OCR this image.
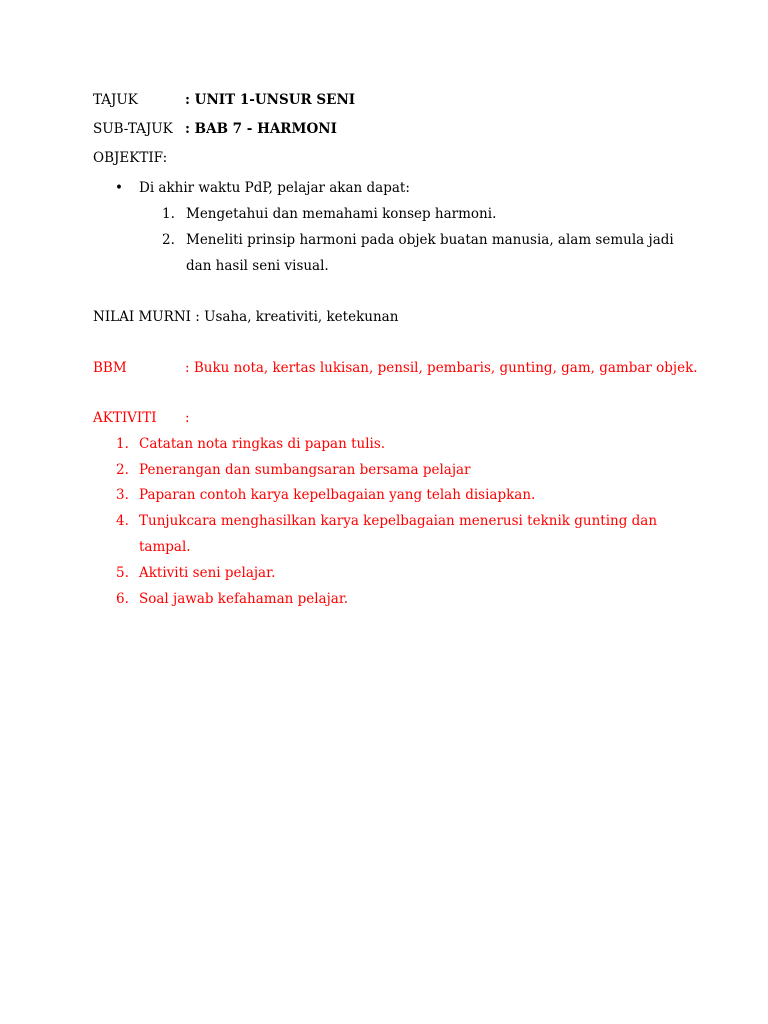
TAJUK	: UNIT 1-UNSUR SENI
SUB-TAJUK : BAB 7 - HARMONI
OBJEKTIF:
• Di akhir waktu PdP, pelajar akan dapat:
1. Mengetahui dan memahami konsep harmoni.
2. Meneliti prinsip harmoni pada objek buatan manusia, alam semula jadi
dan hasil seni visual.
NILAI MURNI : Usaha, kreativiti, ketekunan
BBM	: Buku nota, kertas lukisan, pensil, pembaris, gunting, gam, gambar objek.
AKTIVITI :
1. Catatan nota ringkas di papan tulis.
2. Penerangan dan sumbangsaran bersama pelajar
3. Paparan contoh karya kepelbagaian yang telah disiapkan.
4. Tunjukcara menghasilkan karya kepelbagaian menerusi teknik gunting dan
tampal.
5. Aktiviti seni pelajar.
6. Soal jawab kefahaman pelajar.
